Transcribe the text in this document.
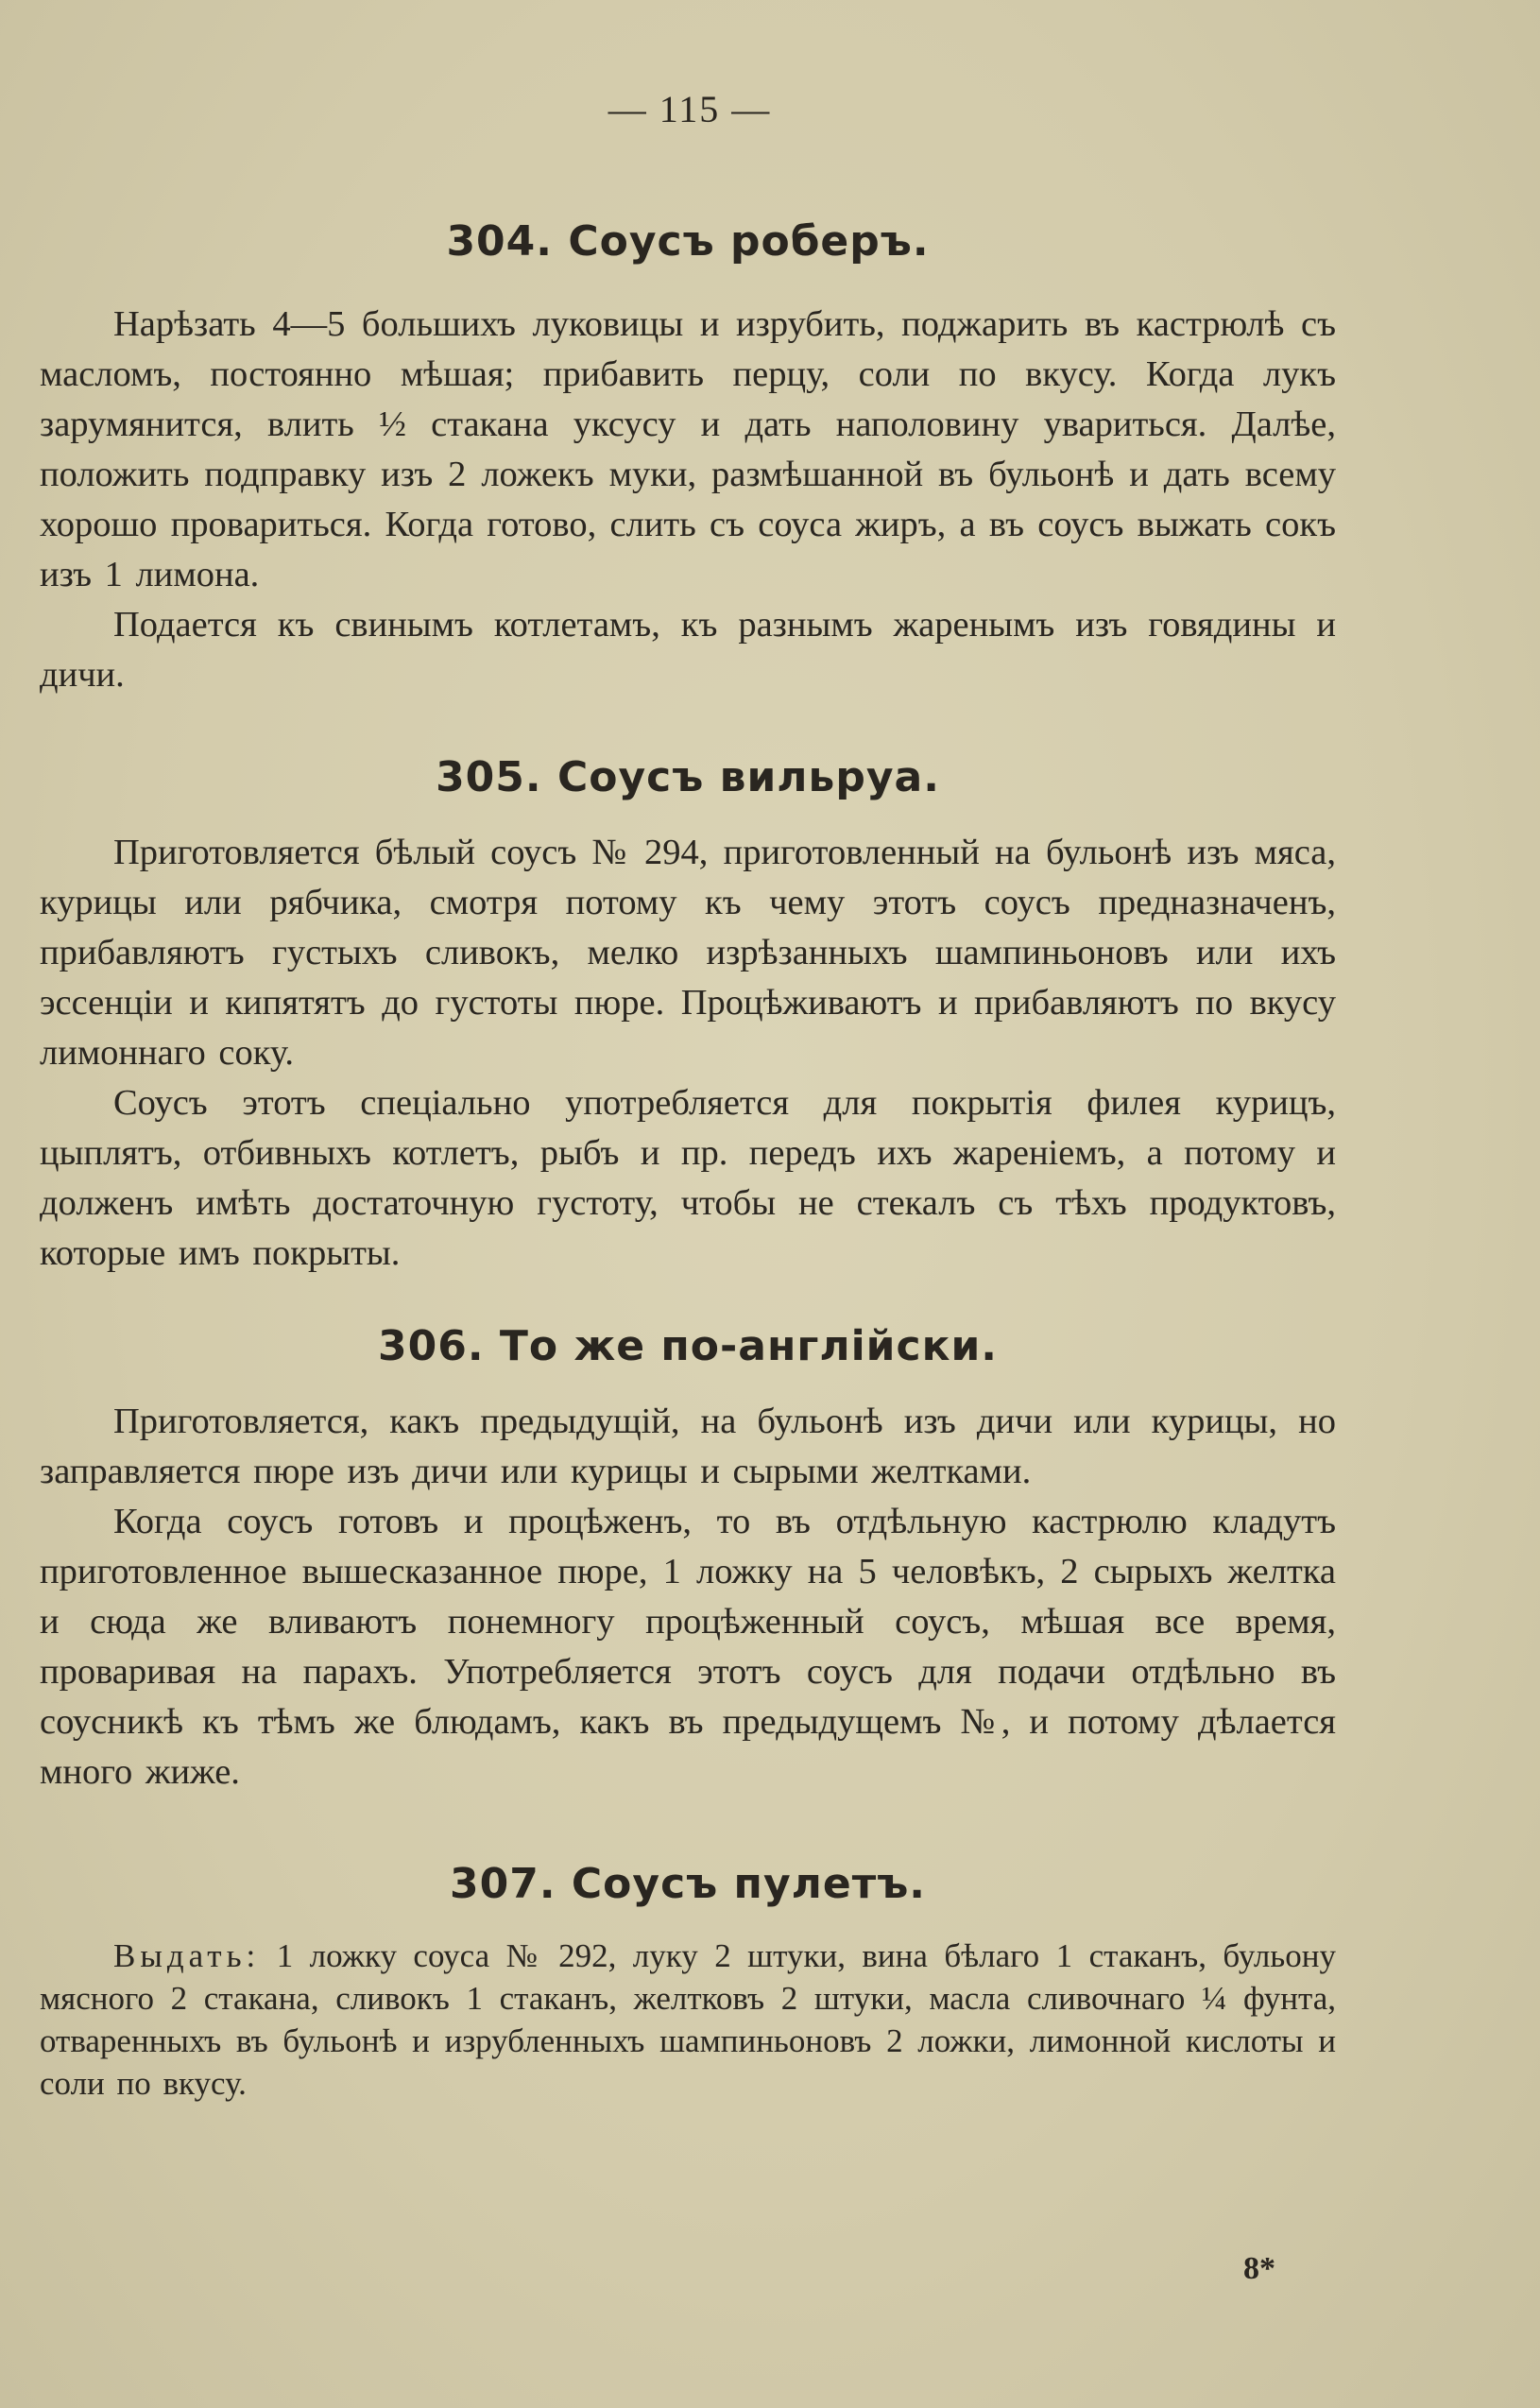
— 115 —
304. Соусъ роберъ.

Нарѣзать 4—5 большихъ луковицы и изрубить, поджарить въ кастрюлѣ съ масломъ, постоянно мѣшая; прибавить перцу, соли по вкусу. Когда лукъ зарумянится, влить ½ стакана уксусу и дать наполовину увариться. Далѣе, положить подправку изъ 2 ложекъ муки, размѣшанной въ бульонѣ и дать всему хорошо провариться. Когда готово, слить съ соуса жиръ, а въ соусъ выжать сокъ изъ 1 лимона.

Подается къ свинымъ котлетамъ, къ разнымъ жаренымъ изъ говядины и дичи.

305. Соусъ вильруа.

Приготовляется бѣлый соусъ № 294, приготовленный на бульонѣ изъ мяса, курицы или рябчика, смотря потому къ чему этотъ соусъ предназначенъ, прибавляютъ густыхъ сливокъ, мелко изрѣзанныхъ шампиньоновъ или ихъ эссенціи и кипятятъ до густоты пюре. Процѣживаютъ и прибавляютъ по вкусу лимоннаго соку.

Соусъ этотъ спеціально употребляется для покрытія филея курицъ, цыплятъ, отбивныхъ котлетъ, рыбъ и пр. передъ ихъ жареніемъ, а потому и долженъ имѣть достаточную густоту, чтобы не стекалъ съ тѣхъ продуктовъ, которые имъ покрыты.

306. То же по-англійски.

Приготовляется, какъ предыдущій, на бульонѣ изъ дичи или курицы, но заправляется пюре изъ дичи или курицы и сырыми желтками.

Когда соусъ готовъ и процѣженъ, то въ отдѣльную кастрюлю кладутъ приготовленное вышесказанное пюре, 1 ложку на 5 человѣкъ, 2 сырыхъ желтка и сюда же вливаютъ понемногу процѣженный соусъ, мѣшая все время, проваривая на парахъ. Употребляется этотъ соусъ для подачи отдѣльно въ соусникѣ къ тѣмъ же блюдамъ, какъ въ предыдущемъ №, и потому дѣлается много жиже.

307. Соусъ пулетъ.

Выдать: 1 ложку соуса № 292, луку 2 штуки, вина бѣлаго 1 стаканъ, бульону мясного 2 стакана, сливокъ 1 стаканъ, желтковъ 2 штуки, масла сливочнаго ¼ фунта, отваренныхъ въ бульонѣ и изрубленныхъ шампиньоновъ 2 ложки, лимонной кислоты и соли по вкусу.

8*
